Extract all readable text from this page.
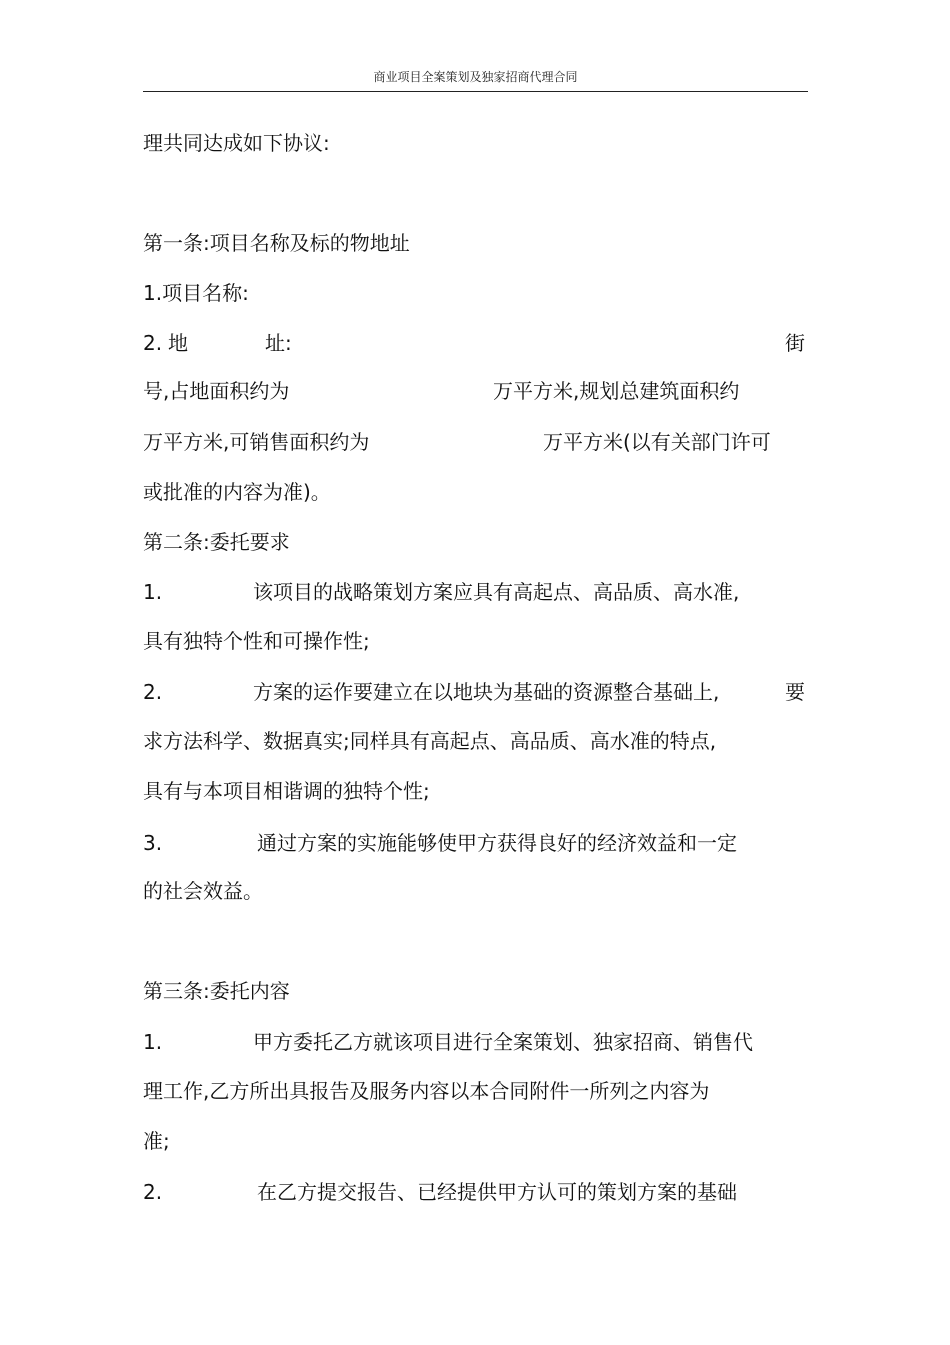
商业项目全案策划及独家招商代理合同
理共同达成如下协议:
第一条:项目名称及标的物地址
1.项目名称:
2. 地	址:	街
号,占地面积约为	万平方米,规划总建筑面积约
万平方米,可销售面积约为	万平方米(以有关部门许可
或批准的内容为准)。
第二条:委托要求
1.	该项目的战略策划方案应具有高起点、高品质、高水准,
具有独特个性和可操作性;
2.	方案的运作要建立在以地块为基础的资源整合基础上,	要
求方法科学、数据真实;同样具有高起点、高品质、高水准的特点,
具有与本项目相谐调的独特个性;
3.	通过方案的实施能够使甲方获得良好的经济效益和一定
的社会效益。
第三条:委托内容
1.	甲方委托乙方就该项目进行全案策划、独家招商、销售代
理工作,乙方所出具报告及服务内容以本合同附件一所列之内容为
准;
2.	在乙方提交报告、已经提供甲方认可的策划方案的基础
